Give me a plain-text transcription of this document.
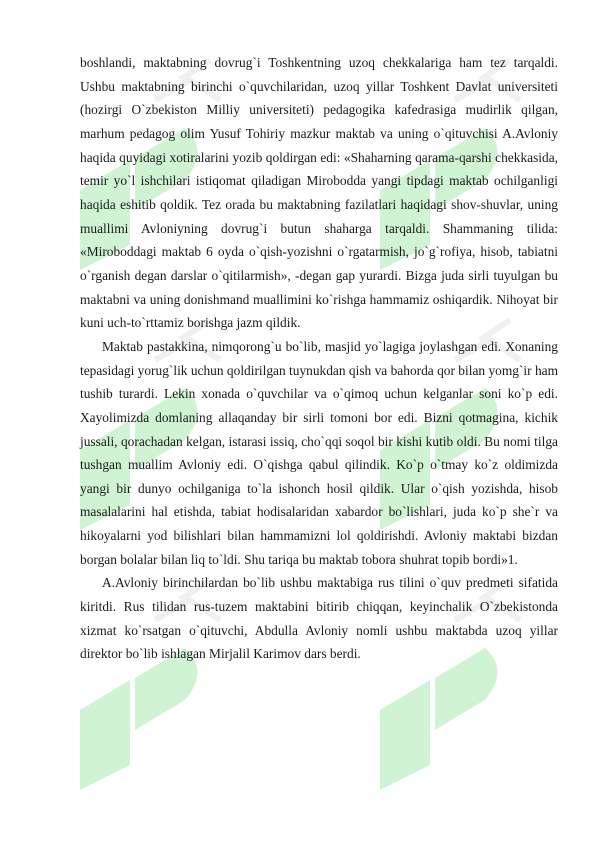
boshlandi, maktabning dovrug`i Toshkentning uzoq chekkalariga ham tez tarqaldi. Ushbu maktabning birinchi o`quvchilaridan, uzoq yillar Toshkent Davlat universiteti (hozirgi O`zbekiston Milliy universiteti) pedagogika kafedrasiga mudirlik qilgan, marhum pedagog olim Yusuf Tohiriy mazkur maktab va uning o`qituvchisi A.Avloniy haqida quyidagi xotiralarini yozib qoldirgan edi: «Shaharning qarama-qarshi chekkasida, temir yo`l ishchilari istiqomat qiladigan Mirobodda yangi tipdagi maktab ochilganligi haqida eshitib qoldik. Tez orada bu maktabning fazilatlari haqidagi shov-shuvlar, uning muallimi Avloniyning dovrug`i butun shaharga tarqaldi. Shammaning tilida: «Miroboddagi maktab 6 oyda o`qish-yozishni o`rgatarmish, jo`g`rofiya, hisob, tabiatni o`rganish degan darslar o`qitilarmish», -degan gap yurardi. Bizga juda sirli tuyulgan bu maktabni va uning donishmand muallimini ko`rishga hammamiz oshiqardik. Nihoyat bir kuni uch-to`rttamiz borishga jazm qildik.

Maktab pastakkina, nimqorong`u bo`lib, masjid yo`lagiga joylashgan edi. Xonaning tepasidagi yorug`lik uchun qoldirilgan tuynukdan qish va bahorda qor bilan yomg`ir ham tushib turardi. Lekin xonada o`quvchilar va o`qimoq uchun kelganlar soni ko`p edi. Xayolimizda domlaning allaqanday bir sirli tomoni bor edi. Bizni qotmagina, kichik jussali, qorachadan kelgan, istarasi issiq, cho`qqi soqol bir kishi kutib oldi. Bu nomi tilga tushgan muallim Avloniy edi. O`qishga qabul qilindik. Ko`p o`tmay ko`z oldimizda yangi bir dunyo ochilganiga to`la ishonch hosil qildik. Ular o`qish yozishda, hisob masalalarini hal etishda, tabiat hodisalaridan xabardor bo`lishlari, juda ko`p she`r va hikoyalarni yod bilishlari bilan hammamizni lol qoldirishdi. Avloniy maktabi bizdan borgan bolalar bilan liq to`ldi. Shu tariqa bu maktab tobora shuhrat topib bordi»1.

A.Avloniy birinchilardan bo`lib ushbu maktabiga rus tilini o`quv predmeti sifatida kiritdi. Rus tilidan rus-tuzem maktabini bitirib chiqqan, keyinchalik O`zbekistonda xizmat ko`rsatgan o`qituvchi, Abdulla Avloniy nomli ushbu maktabda uzoq yillar direktor bo`lib ishlagan Mirjalil Karimov dars berdi.
